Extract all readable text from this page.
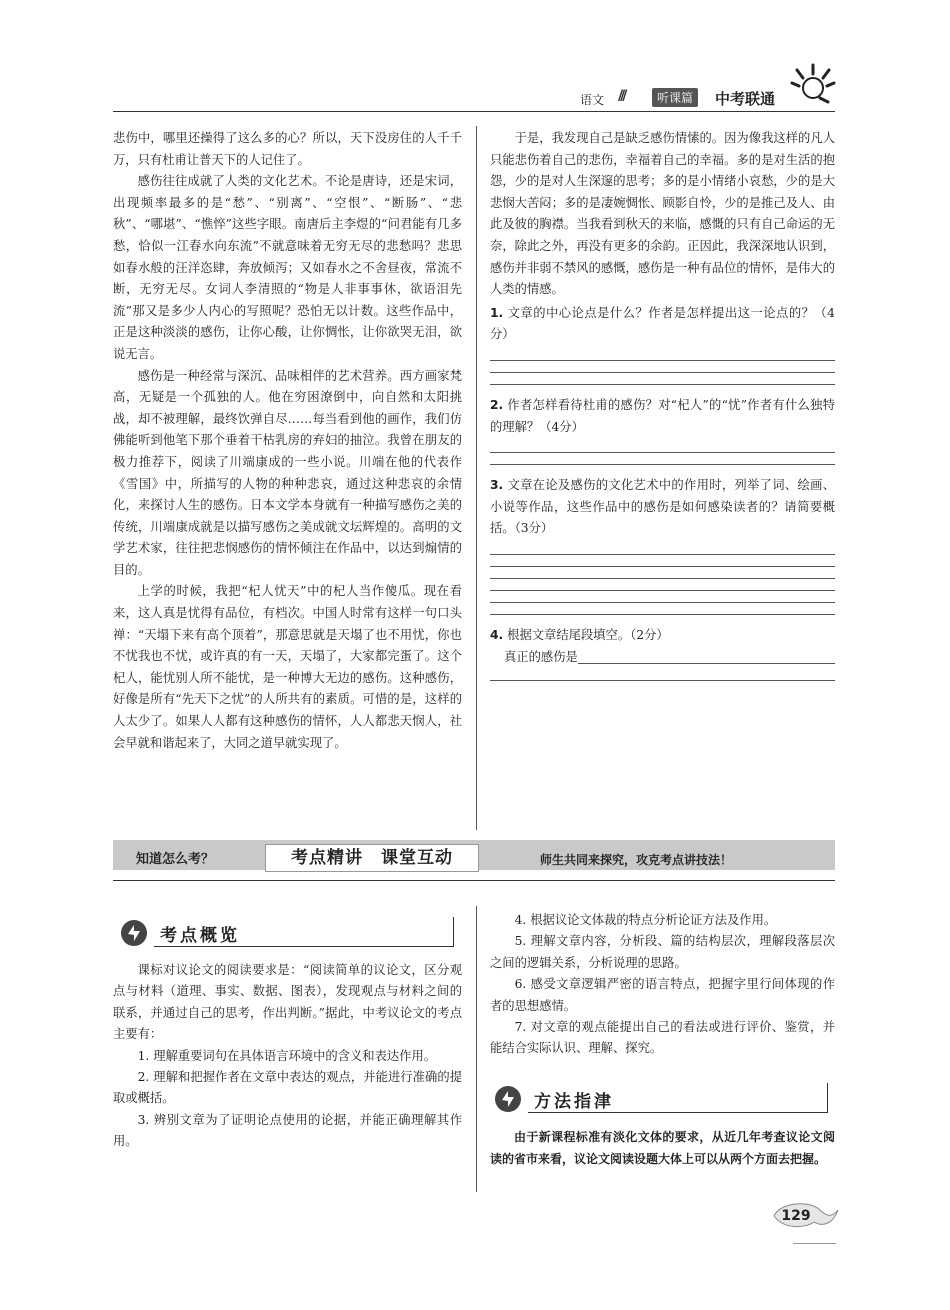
语文 ///	听课篇	中考联通

悲伤中，哪里还操得了这么多的心？所以，天下没房住的人千千万，只有杜甫让普天下的人记住了。

感伤往往成就了人类的文化艺术。不论是唐诗，还是宋词，出现频率最多的是“愁”、“别离”、“空恨”、“断肠”、“悲秋”、“哪堪”、“憔悴”这些字眼。南唐后主李煜的“问君能有几多愁，恰似一江春水向东流”不就意味着无穷无尽的悲愁吗？悲思如春水般的汪洋恣肆，奔放倾泻；又如春水之不舍昼夜，常流不断，无穷无尽。女词人李清照的“物是人非事事休，欲语泪先流”那又是多少人内心的写照呢？恐怕无以计数。这些作品中，正是这种淡淡的感伤，让你心酸，让你惆怅，让你欲哭无泪，欲说无言。

感伤是一种经常与深沉、品味相伴的艺术营养。西方画家梵高，无疑是一个孤独的人。他在穷困潦倒中，向自然和太阳挑战，却不被理解，最终饮弹自尽……每当看到他的画作，我们仿佛能听到他笔下那个垂着干枯乳房的弃妇的抽泣。我曾在朋友的极力推荐下，阅读了川端康成的一些小说。川端在他的代表作《雪国》中，所描写的人物的种种悲哀，通过这种悲哀的余情化，来探讨人生的感伤。日本文学本身就有一种描写感伤之美的传统，川端康成就是以描写感伤之美成就文坛辉煌的。高明的文学艺术家，往往把悲悯感伤的情怀倾注在作品中，以达到煽情的目的。

上学的时候，我把“杞人忧天”中的杞人当作傻瓜。现在看来，这人真是忧得有品位，有档次。中国人时常有这样一句口头禅：“天塌下来有高个顶着”，那意思就是天塌了也不用忧，你也不忧我也不忧，或许真的有一天，天塌了，大家都完蛋了。这个杞人，能忧别人所不能忧，是一种博大无边的感伤。这种感伤，好像是所有“先天下之忧”的人所共有的素质。可惜的是，这样的人太少了。如果人人都有这种感伤的情怀，人人都悲天悯人，社会早就和谐起来了，大同之道早就实现了。

于是，我发现自己是缺乏感伤情愫的。因为像我这样的凡人只能悲伤着自己的悲伤，幸福着自己的幸福。多的是对生活的抱怨，少的是对人生深邃的思考；多的是小情绪小哀愁，少的是大悲悯大苦闷；多的是凄婉惆怅、顾影自怜，少的是推己及人、由此及彼的胸襟。当我看到秋天的来临，感慨的只有自己命运的无奈，除此之外，再没有更多的余韵。正因此，我深深地认识到，感伤并非弱不禁风的感慨，感伤是一种有品位的情怀，是伟大的人类的情感。

1. 文章的中心论点是什么？作者是怎样提出这一论点的？（4分）
2. 作者怎样看待杜甫的感伤？对“杞人”的“忧”作者有什么独特的理解？（4分）
3. 文章在论及感伤的文化艺术中的作用时，列举了词、绘画、小说等作品，这些作品中的感伤是如何感染读者的？请简要概括。（3分）
4. 根据文章结尾段填空。（2分）
真正的感伤是
知道怎么考？	考点精讲　课堂互动	师生共同来探究，攻克考点讲技法！
考点概览

课标对议论文的阅读要求是：“阅读简单的议论文，区分观点与材料（道理、事实、数据、图表），发现观点与材料之间的联系，并通过自己的思考，作出判断。”据此，中考议论文的考点主要有：

1. 理解重要词句在具体语言环境中的含义和表达作用。

2. 理解和把握作者在文章中表达的观点，并能进行准确的提取或概括。

3. 辨别文章为了证明论点使用的论据，并能正确理解其作用。

4. 根据议论文体裁的特点分析论证方法及作用。

5. 理解文章内容，分析段、篇的结构层次，理解段落层次之间的逻辑关系，分析说理的思路。

6. 感受文章逻辑严密的语言特点，把握字里行间体现的作者的思想感情。

7. 对文章的观点能提出自己的看法或进行评价、鉴赏，并能结合实际认识、理解、探究。

方法指津

由于新课程标准有淡化文体的要求，从近几年考查议论文阅读的省市来看，议论文阅读设题大体上可以从两个方面去把握。

129
